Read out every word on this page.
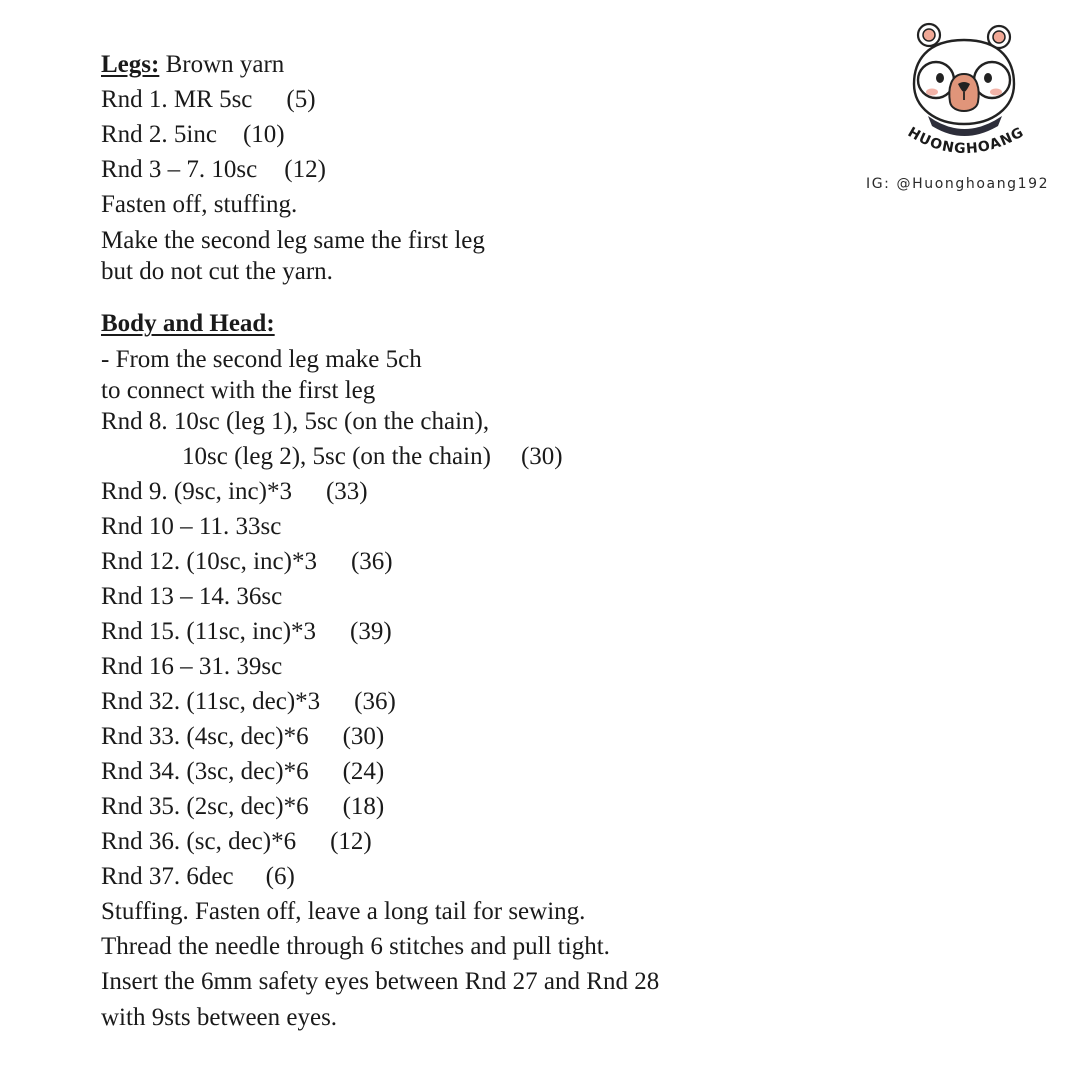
Legs: Brown yarn
Rnd 1. MR 5sc (5)
Rnd 2. 5inc (10)
Rnd 3 – 7. 10sc (12)
Fasten off, stuffing.
Make the second leg same the first leg
but do not cut the yarn.
Body and Head:
- From the second leg make 5ch
to connect with the first leg
Rnd 8. 10sc (leg 1), 5sc (on the chain),
10sc (leg 2), 5sc (on the chain) (30)
Rnd 9. (9sc, inc)*3 (33)
Rnd 10 – 11. 33sc
Rnd 12. (10sc, inc)*3 (36)
Rnd 13 – 14. 36sc
Rnd 15. (11sc, inc)*3 (39)
Rnd 16 – 31. 39sc
Rnd 32. (11sc, dec)*3 (36)
Rnd 33. (4sc, dec)*6 (30)
Rnd 34. (3sc, dec)*6 (24)
Rnd 35. (2sc, dec)*6 (18)
Rnd 36. (sc, dec)*6 (12)
Rnd 37. 6dec (6)
Stuffing. Fasten off, leave a long tail for sewing.
Thread the needle through 6 stitches and pull tight.
Insert the 6mm safety eyes between Rnd 27 and Rnd 28
with 9sts between eyes.
HUONGHOANG
IG: @Huonghoang192
